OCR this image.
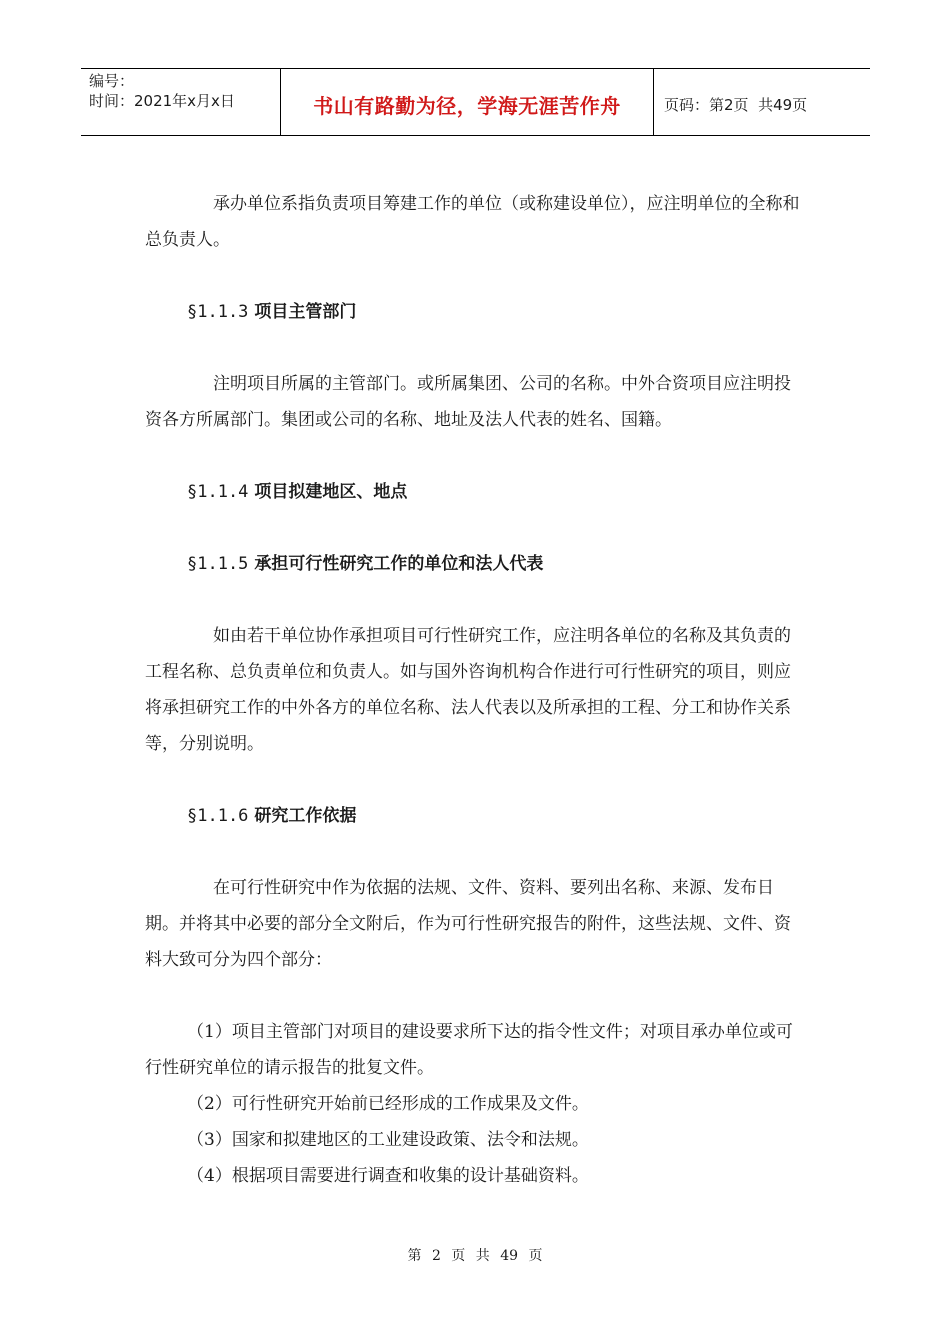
编号：
时间：2021年x月x日	书山有路勤为径，学海无涯苦作舟	页码：第2页  共49页

承办单位系指负责项目筹建工作的单位（或称建设单位），应注明单位的全称和总负责人。

§1.1.3 项目主管部门

注明项目所属的主管部门。或所属集团、公司的名称。中外合资项目应注明投资各方所属部门。集团或公司的名称、地址及法人代表的姓名、国籍。

§1.1.4 项目拟建地区、地点

§1.1.5 承担可行性研究工作的单位和法人代表

如由若干单位协作承担项目可行性研究工作，应注明各单位的名称及其负责的工程名称、总负责单位和负责人。如与国外咨询机构合作进行可行性研究的项目，则应将承担研究工作的中外各方的单位名称、法人代表以及所承担的工程、分工和协作关系等，分别说明。

§1.1.6 研究工作依据

在可行性研究中作为依据的法规、文件、资料、要列出名称、来源、发布日期。并将其中必要的部分全文附后，作为可行性研究报告的附件，这些法规、文件、资料大致可分为四个部分：

（1）项目主管部门对项目的建设要求所下达的指令性文件；对项目承办单位或可行性研究单位的请示报告的批复文件。

（2）可行性研究开始前已经形成的工作成果及文件。

（3）国家和拟建地区的工业建设政策、法令和法规。

（4）根据项目需要进行调查和收集的设计基础资料。

第 2 页 共 49 页
